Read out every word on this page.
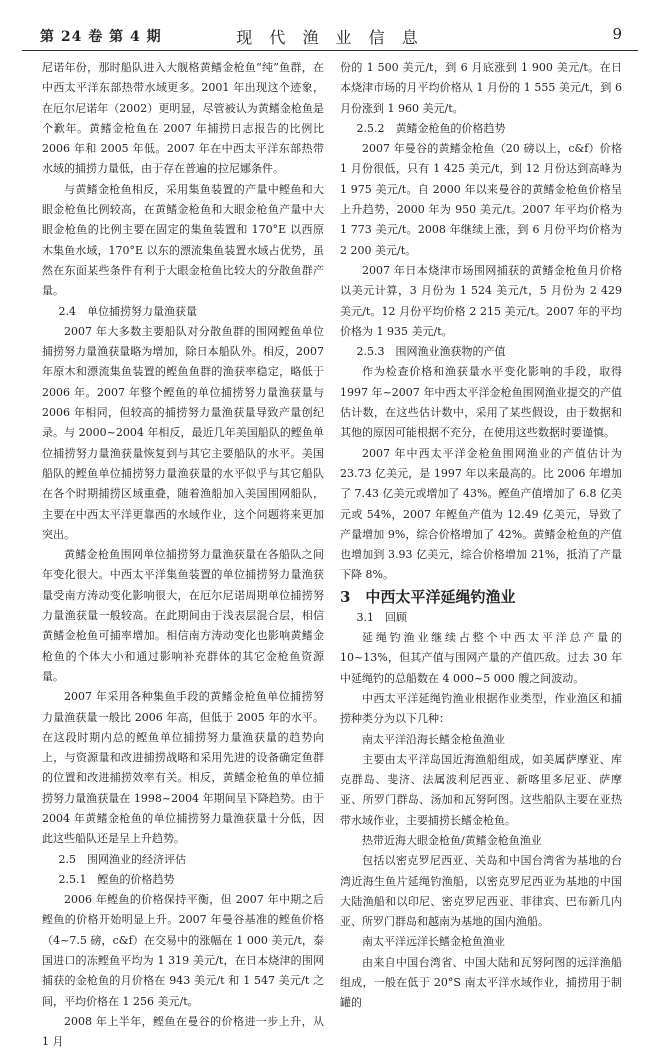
第 24 卷 第 4 期	现 代 渔 业 信 息	9

尼诺年份，那时船队进入大舰格黄鳍金枪鱼“纯”鱼群，在中西太平洋东部热带水域更多。2001 年出现这个迹象，在厄尔尼诺年（2002）更明显，尽管被认为黄鳍金枪鱼是个歉年。黄鳍金枪鱼在 2007 年捕捞日志报告的比例比 2006 年和 2005 年低。2007 年在中西太平洋东部热带水域的捕捞力量低，由于存在普遍的拉尼娜条件。

与黄鳍金枪鱼相反，采用集鱼装置的产量中鲣鱼和大眼金枪鱼比例较高，在黄鳍金枪鱼和大眼金枪鱼产量中大眼金枪鱼的比例主要在固定的集鱼装置和 170°E 以西原木集鱼水域，170°E 以东的漂流集鱼装置水域占优势，虽然在东面某些条件有利于大眼金枪鱼比较大的分散鱼群产量。

2.4　单位捕捞努力量渔获量

2007 年大多数主要船队对分散鱼群的围网鲣鱼单位捕捞努力量渔获量略为增加，除日本船队外。相反，2007 年原木和漂流集鱼装置的鲣鱼鱼群的渔获率稳定，略低于 2006 年。2007 年整个鲣鱼的单位捕捞努力量渔获量与 2006 年相同，但较高的捕捞努力量渔获量导致产量创纪录。与 2000~2004 年相反，最近几年美国船队的鲣鱼单位捕捞努力量渔获量恢复到与其它主要船队的水平。美国船队的鲣鱼单位捕捞努力量渔获量的水平似乎与其它船队在各个时期捕捞区域重叠，随着渔船加入美国围网船队，主要在中西太平洋更靠西的水域作业，这个问题将来更加突出。

黄鳍金枪鱼围网单位捕捞努力量渔获量在各船队之间年变化很大。中西太平洋集鱼装置的单位捕捞努力量渔获量受南方涛动变化影响很大，在厄尔尼诺周期单位捕捞努力量渔获量一般较高。在此期间由于浅表层混合层，相信黄鳍金枪鱼可捕率增加。相信南方涛动变化也影响黄鳍金枪鱼的个体大小和通过影响补充群体的其它金枪鱼资源量。

2007 年采用各种集鱼手段的黄鳍金枪鱼单位捕捞努力量渔获量一般比 2006 年高，但低于 2005 年的水平。在这段时期内总的鲣鱼单位捕捞努力量渔获量的趋势向上，与资源量和改进捕捞战略和采用先进的设备确定鱼群的位置和改进捕捞效率有关。相反，黄鳍金枪鱼的单位捕捞努力量渔获量在 1998~2004 年期间呈下降趋势。由于 2004 年黄鳍金枪鱼的单位捕捞努力量渔获量十分低，因此这些船队还是呈上升趋势。

2.5　围网渔业的经济评估

2.5.1　鲣鱼的价格趋势

2006 年鲣鱼的价格保持平衡，但 2007 年中期之后鲣鱼的价格开始明显上升。2007 年曼谷基准的鲣鱼价格（4~7.5 磅，c&f）在交易中的涨幅在 1 000 美元/t，泰国进口的冻鲣鱼平均为 1 319 美元/t，在日本烧津的围网捕获的金枪鱼的月价格在 943 美元/t 和 1 547 美元/t 之间，平均价格在 1 256 美元/t。

2008 年上半年，鲣鱼在曼谷的价格进一步上升，从 1 月

份的 1 500 美元/t，到 6 月底涨到 1 900 美元/t。在日本烧津市场的月平均价格从 1 月份的 1 555 美元/t，到 6 月份涨到 1 960 美元/t。

2.5.2　黄鳍金枪鱼的价格趋势

2007 年曼谷的黄鳍金枪鱼（20 磅以上，c&f）价格 1 月份很低，只有 1 425 美元/t，到 12 月份达到高峰为 1 975 美元/t。自 2000 年以来曼谷的黄鳍金枪鱼价格呈上升趋势，2000 年为 950 美元/t。2007 年平均价格为 1 773 美元/t。2008 年继续上涨，到 6 月份平均价格为 2 200 美元/t。

2007 年日本烧津市场围网捕获的黄鳍金枪鱼月价格以美元计算，3 月份为 1 524 美元/t，5 月份为 2 429 美元/t。12 月份平均价格 2 215 美元/t。2007 年的平均价格为 1 935 美元/t。

2.5.3　围网渔业渔获物的产值

作为检查价格和渔获量水平变化影响的手段，取得 1997 年~2007 年中西太平洋金枪鱼围网渔业提交的产值估计数，在这些估计数中，采用了某些假设，由于数据和其他的原因可能根据不充分，在使用这些数据时要谨慎。

2007 年中西太平洋金枪鱼围网渔业的产值估计为 23.73 亿美元，是 1997 年以来最高的。比 2006 年增加了 7.43 亿美元或增加了 43%。鲣鱼产值增加了 6.8 亿美元或 54%，2007 年鲣鱼产值为 12.49 亿美元，导致了产量增加 9%，综合价格增加了 42%。黄鳍金枪鱼的产值也增加到 3.93 亿美元，综合价格增加 21%，抵消了产量下降 8%。

3　中西太平洋延绳钓渔业

3.1　回顾

延绳钓渔业继续占整个中西太平洋总产量的 10~13%，但其产值与围网产量的产值匹敌。过去 30 年中延绳钓的总船数在 4 000~5 000 艘之间波动。

中西太平洋延绳钓渔业根据作业类型，作业渔区和捕捞种类分为以下几种：

南太平洋沿海长鳍金枪鱼渔业

主要由太平洋岛国近海渔船组成，如美属萨摩亚、库克群岛、斐济、法属波利尼西亚、新喀里多尼亚、萨摩亚、所罗门群岛、汤加和瓦努阿图。这些船队主要在亚热带水域作业，主要捕捞长鳍金枪鱼。

热带近海大眼金枪鱼/黄鳍金枪鱼渔业

包括以密克罗尼西亚、关岛和中国台湾省为基地的台湾近海生鱼片延绳钓渔船，以密克罗尼西亚为基地的中国大陆渔船和以印尼、密克罗尼西亚、菲律宾、巴布新几内亚、所罗门群岛和越南为基地的国内渔船。

南太平洋远洋长鳍金枪鱼渔业

由来自中国台湾省、中国大陆和瓦努阿图的远洋渔船组成，一般在低于 20°S 南太平洋水域作业，捕捞用于制罐的
